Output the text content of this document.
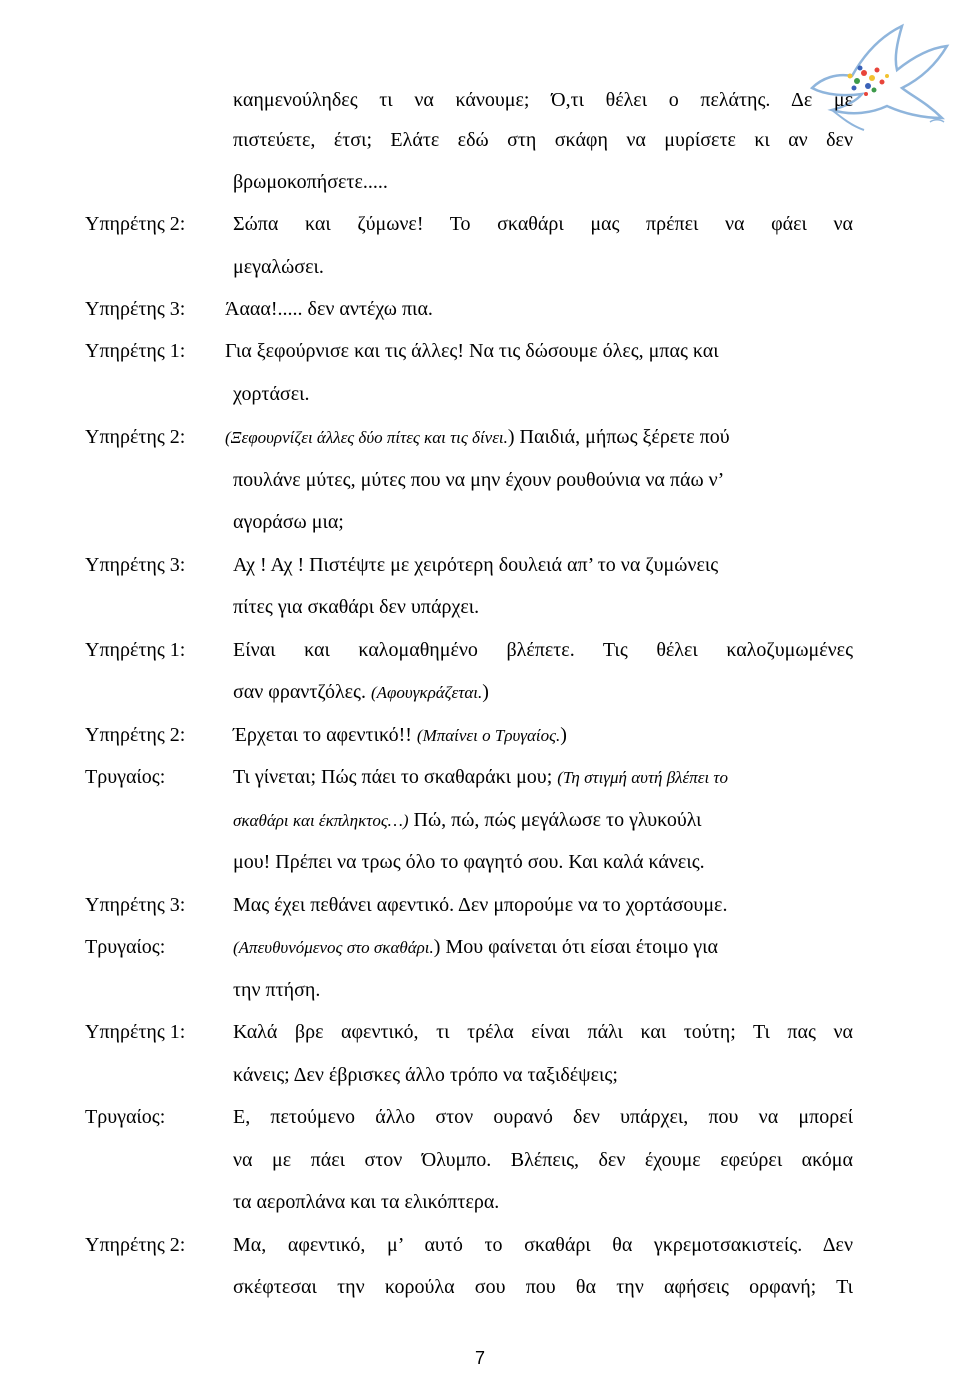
καημενούληδες τι να κάνουμε; Ό,τι θέλει ο πελάτης. Δε με
πιστεύετε, έτσι; Ελάτε εδώ στη σκάφη να μυρίσετε κι αν δεν
βρωμοκοπήσετε.....
Υπηρέτης 2: Σώπα και ζύμωνε! Το σκαθάρι μας πρέπει να φάει να
μεγαλώσει.
Υπηρέτης 3: Άααα!..... δεν αντέχω πια.
Υπηρέτης 1: Για ξεφούρνισε και τις άλλες! Να τις δώσουμε όλες, μπας και
χορτάσει.
Υπηρέτης 2: (Ξεφουρνίζει άλλες δύο πίτες και τις δίνει.) Παιδιά, μήπως ξέρετε πού
πουλάνε μύτες, μύτες που να μην έχουν ρουθούνια να πάω ν’
αγοράσω μια;
Υπηρέτης 3: Αχ ! Αχ ! Πιστέψτε με χειρότερη δουλειά απ’ το να ζυμώνεις
πίτες για σκαθάρι δεν υπάρχει.
Υπηρέτης 1: Είναι και καλομαθημένο βλέπετε. Τις θέλει καλοζυμωμένες
σαν φραντζόλες. (Αφουγκράζεται.)
Υπηρέτης 2: Έρχεται το αφεντικό!! (Μπαίνει ο Τρυγαίος.)
Τρυγαίος:	Τι γίνεται; Πώς πάει το σκαθαράκι μου; (Τη στιγμή αυτή βλέπει το
σκαθάρι και έκπληκτος…) Πώ, πώ, πώς μεγάλωσε το γλυκούλι
μου! Πρέπει να τρως όλο το φαγητό σου. Και καλά κάνεις.
Υπηρέτης 3: Μας έχει πεθάνει αφεντικό. Δεν μπορούμε να το χορτάσουμε.
Τρυγαίος:	(Απευθυνόμενος στο σκαθάρι.) Μου φαίνεται ότι είσαι έτοιμο για
την πτήση.
Υπηρέτης 1: Καλά βρε αφεντικό, τι τρέλα είναι πάλι και τούτη; Τι πας να
κάνεις; Δεν έβρισκες άλλο τρόπο να ταξιδέψεις;
Τρυγαίος:	Ε, πετούμενο άλλο στον ουρανό δεν υπάρχει, που να μπορεί
να με πάει στον Όλυμπο. Βλέπεις, δεν έχουμε εφεύρει ακόμα
τα αεροπλάνα και τα ελικόπτερα.
Υπηρέτης 2: Μα, αφεντικό, μ’ αυτό το σκαθάρι θα γκρεμοτσακιστείς. Δεν
σκέφτεσαι την κορούλα σου που θα την αφήσεις ορφανή; Τι
7
